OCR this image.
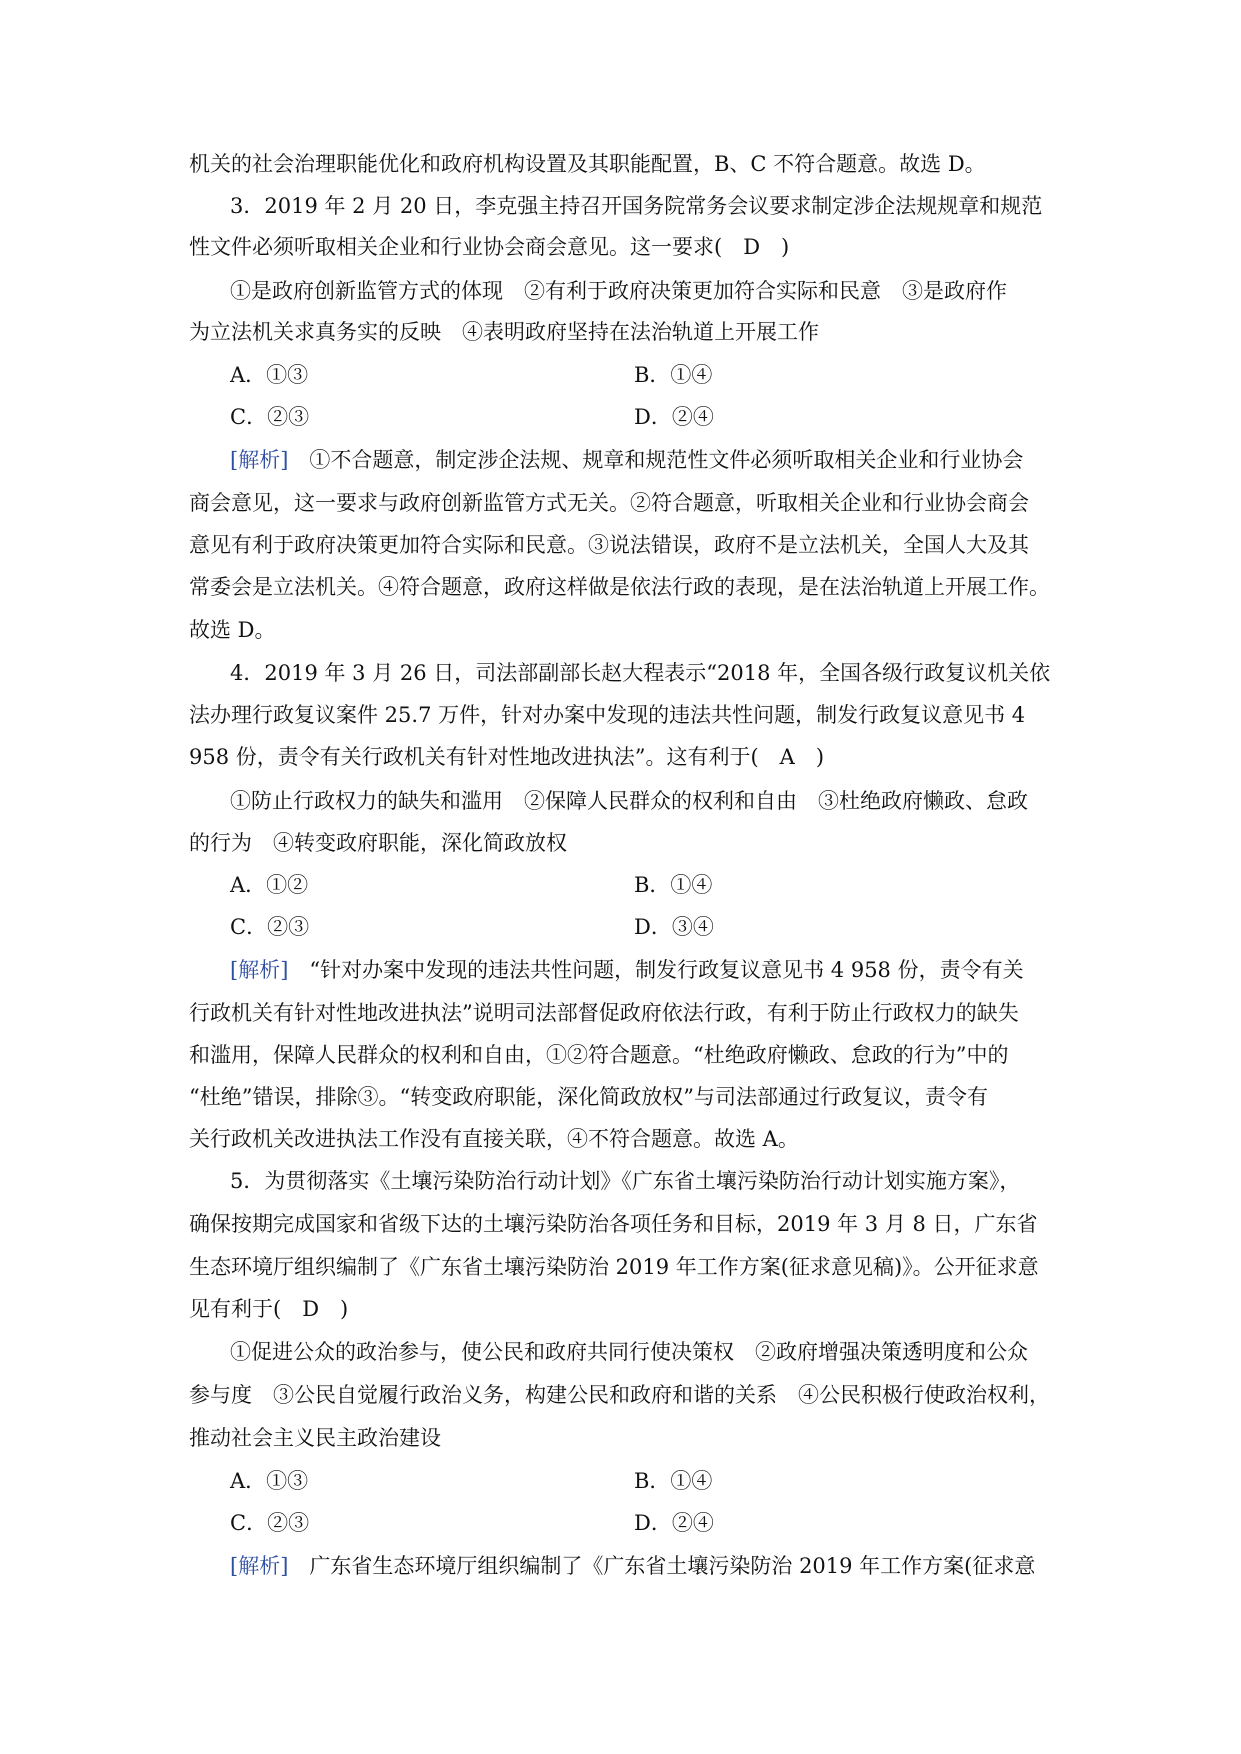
机关的社会治理职能优化和政府机构设置及其职能配置，B、C 不符合题意。故选 D。
3．2019 年 2 月 20 日，李克强主持召开国务院常务会议要求制定涉企法规规章和规范
性文件必须听取相关企业和行业协会商会意见。这一要求(　D　)
①是政府创新监管方式的体现　②有利于政府决策更加符合实际和民意　③是政府作
为立法机关求真务实的反映　④表明政府坚持在法治轨道上开展工作
A．①③	B．①④
C．②③	D．②④
[解析]　①不合题意，制定涉企法规、规章和规范性文件必须听取相关企业和行业协会
商会意见，这一要求与政府创新监管方式无关。②符合题意，听取相关企业和行业协会商会
意见有利于政府决策更加符合实际和民意。③说法错误，政府不是立法机关，全国人大及其
常委会是立法机关。④符合题意，政府这样做是依法行政的表现，是在法治轨道上开展工作。
故选 D。
4．2019 年 3 月 26 日，司法部副部长赵大程表示“2018 年，全国各级行政复议机关依
法办理行政复议案件 25.7 万件，针对办案中发现的违法共性问题，制发行政复议意见书 4
958 份，责令有关行政机关有针对性地改进执法”。这有利于(　A　)
①防止行政权力的缺失和滥用　②保障人民群众的权利和自由　③杜绝政府懒政、怠政
的行为　④转变政府职能，深化简政放权
A．①②	B．①④
C．②③	D．③④
[解析]　“针对办案中发现的违法共性问题，制发行政复议意见书 4 958 份，责令有关
行政机关有针对性地改进执法”说明司法部督促政府依法行政，有利于防止行政权力的缺失
和滥用，保障人民群众的权利和自由，①②符合题意。“杜绝政府懒政、怠政的行为”中的
“杜绝”错误，排除③。“转变政府职能，深化简政放权”与司法部通过行政复议，责令有
关行政机关改进执法工作没有直接关联，④不符合题意。故选 A。
5．为贯彻落实《土壤污染防治行动计划》《广东省土壤污染防治行动计划实施方案》，
确保按期完成国家和省级下达的土壤污染防治各项任务和目标，2019 年 3 月 8 日，广东省
生态环境厅组织编制了《广东省土壤污染防治 2019 年工作方案(征求意见稿)》。公开征求意
见有利于(　D　)
①促进公众的政治参与，使公民和政府共同行使决策权　②政府增强决策透明度和公众
参与度　③公民自觉履行政治义务，构建公民和政府和谐的关系　④公民积极行使政治权利，
推动社会主义民主政治建设
A．①③	B．①④
C．②③	D．②④
[解析]　广东省生态环境厅组织编制了《广东省土壤污染防治 2019 年工作方案(征求意
